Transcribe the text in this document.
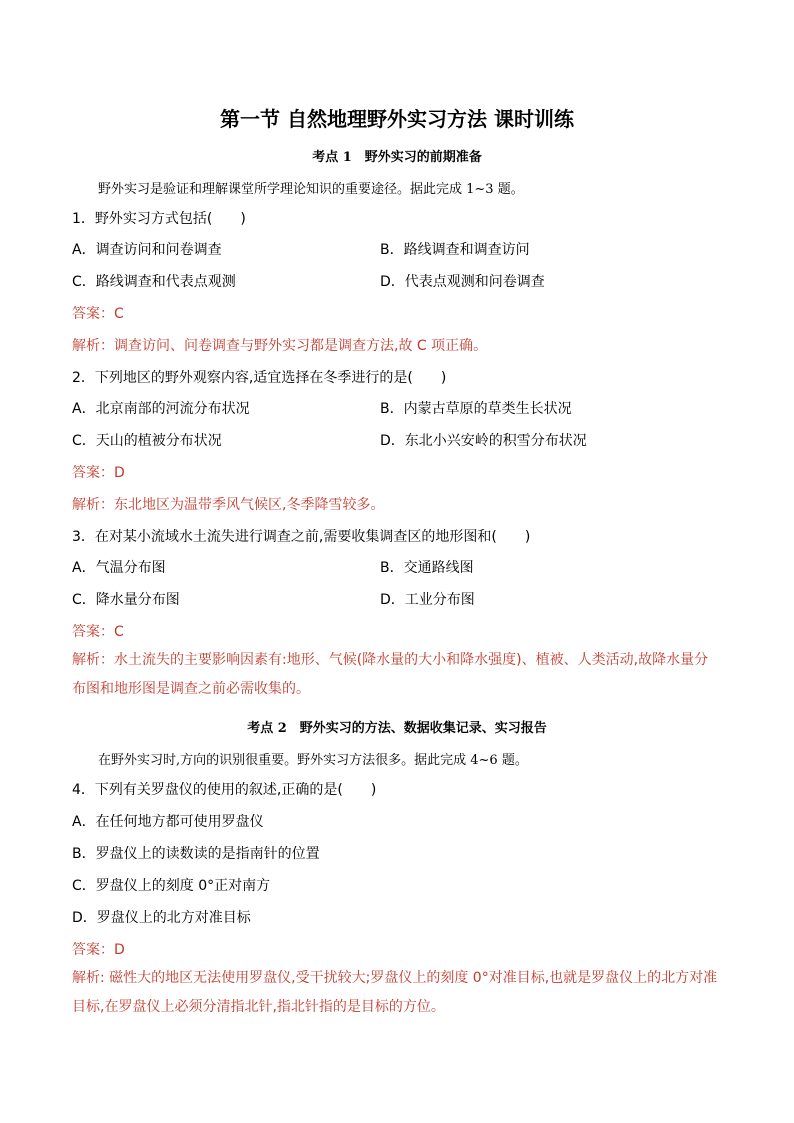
第一节 自然地理野外实习方法 课时训练
考点 1　野外实习的前期准备
野外实习是验证和理解课堂所学理论知识的重要途径。据此完成 1~3 题。
1．野外实习方式包括(　　)
A．调查访问和问卷调查	B．路线调查和调查访问
C．路线调查和代表点观测	D．代表点观测和问卷调查
答案：C
解析：调查访问、问卷调查与野外实习都是调查方法,故 C 项正确。
2．下列地区的野外观察内容,适宜选择在冬季进行的是(　　)
A．北京南部的河流分布状况	B．内蒙古草原的草类生长状况
C．天山的植被分布状况	D．东北小兴安岭的积雪分布状况
答案：D
解析：东北地区为温带季风气候区,冬季降雪较多。
3．在对某小流域水土流失进行调查之前,需要收集调查区的地形图和(　　)
A．气温分布图	B．交通路线图
C．降水量分布图	D．工业分布图
答案：C
解析：水土流失的主要影响因素有:地形、气候(降水量的大小和降水强度)、植被、人类活动,故降水量分布图和地形图是调查之前必需收集的。
考点 2　野外实习的方法、数据收集记录、实习报告
在野外实习时,方向的识别很重要。野外实习方法很多。据此完成 4~6 题。
4．下列有关罗盘仪的使用的叙述,正确的是(　　)
A．在任何地方都可使用罗盘仪
B．罗盘仪上的读数读的是指南针的位置
C．罗盘仪上的刻度 0°正对南方
D．罗盘仪上的北方对准目标
答案：D
解析: 磁性大的地区无法使用罗盘仪,受干扰较大;罗盘仪上的刻度 0°对准目标,也就是罗盘仪上的北方对准目标,在罗盘仪上必须分清指北针,指北针指的是目标的方位。
